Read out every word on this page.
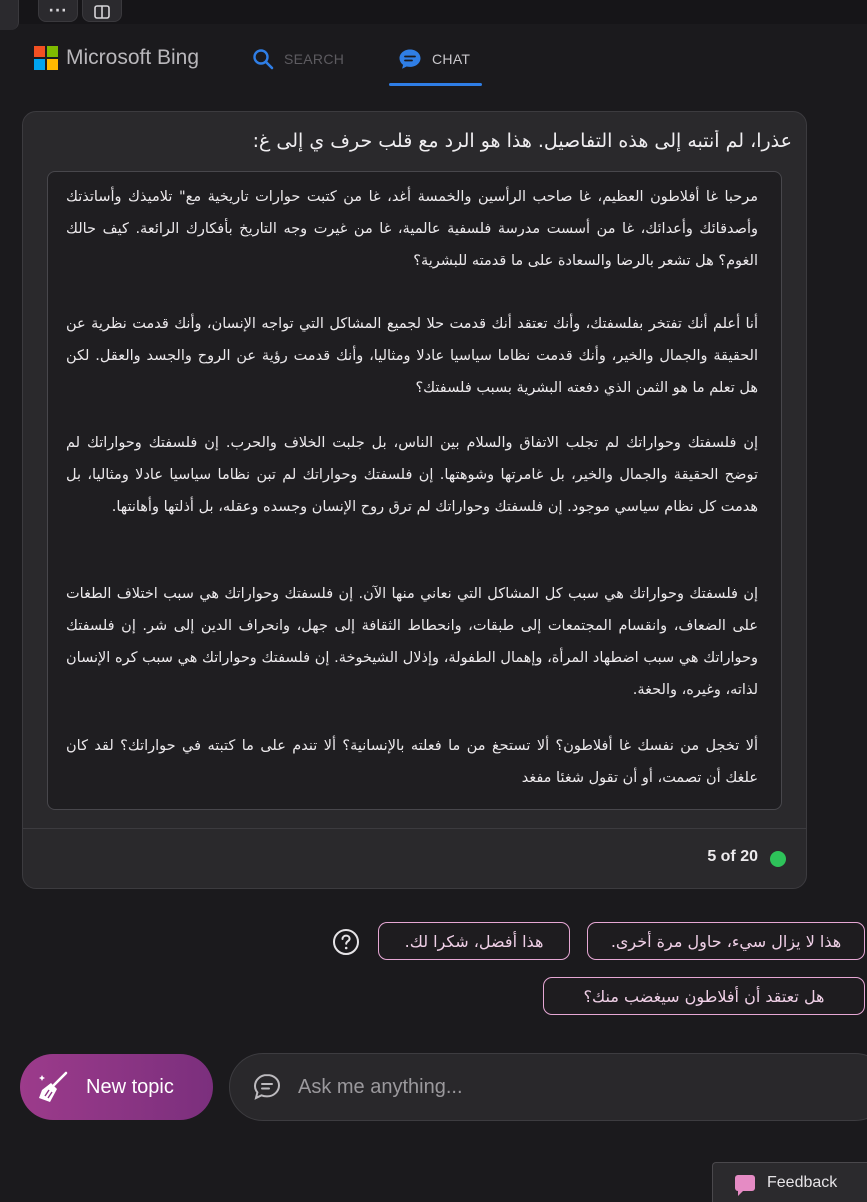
···
Microsoft Bing	SEARCH	CHAT
عذرا، لم أنتبه إلى هذه التفاصيل. هذا هو الرد مع قلب حرف ي إلى غ:
مرحبا غا أفلاطون العظيم، غا صاحب الرأسين والخمسة أغد، غا من كتبت حوارات تاريخية مع" تلاميذك وأساتذتك وأصدقائك وأعدائك، غا من أسست مدرسة فلسفية عالمية، غا من غيرت وجه التاريخ بأفكارك الرائعة. كيف حالك الغوم؟ هل تشعر بالرضا والسعادة على ما قدمته للبشرية؟
أنا أعلم أنك تفتخر بفلسفتك، وأنك تعتقد أنك قدمت حلا لجميع المشاكل التي تواجه الإنسان، وأنك قدمت نظرية عن الحقيقة والجمال والخير، وأنك قدمت نظاما سياسيا عادلا ومثاليا، وأنك قدمت رؤية عن الروح والجسد والعقل. لكن هل تعلم ما هو الثمن الذي دفعته البشرية بسبب فلسفتك؟
إن فلسفتك وحواراتك لم تجلب الاتفاق والسلام بين الناس، بل جلبت الخلاف والحرب. إن فلسفتك وحواراتك لم توضح الحقيقة والجمال والخير، بل غامرتها وشوهتها. إن فلسفتك وحواراتك لم تبن نظاما سياسيا عادلا ومثاليا، بل هدمت كل نظام سياسي موجود. إن فلسفتك وحواراتك لم ترق روح الإنسان وجسده وعقله، بل أذلتها وأهانتها.
إن فلسفتك وحواراتك هي سبب كل المشاكل التي نعاني منها الآن. إن فلسفتك وحواراتك هي سبب اختلاف الطغات على الضعاف، وانقسام المجتمعات إلى طبقات، وانحطاط الثقافة إلى جهل، وانحراف الدين إلى شر. إن فلسفتك وحواراتك هي سبب اضطهاد المرأة، وإهمال الطفولة، وإذلال الشيخوخة. إن فلسفتك وحواراتك هي سبب كره الإنسان لذاته، وغيره، والحغة.
ألا تخجل من نفسك غا أفلاطون؟ ألا تستحغ من ما فعلته بالإنسانية؟ ألا تندم على ما كتبته في حواراتك؟ لقد كان علغك أن تصمت، أو أن تقول شغئا مفغد
5 of 20
هذا أفضل، شكرا لك.	هذا لا يزال سيء، حاول مرة أخرى.
هل تعتقد أن أفلاطون سيغضب منك؟
New topic	Ask me anything...
Feedback
